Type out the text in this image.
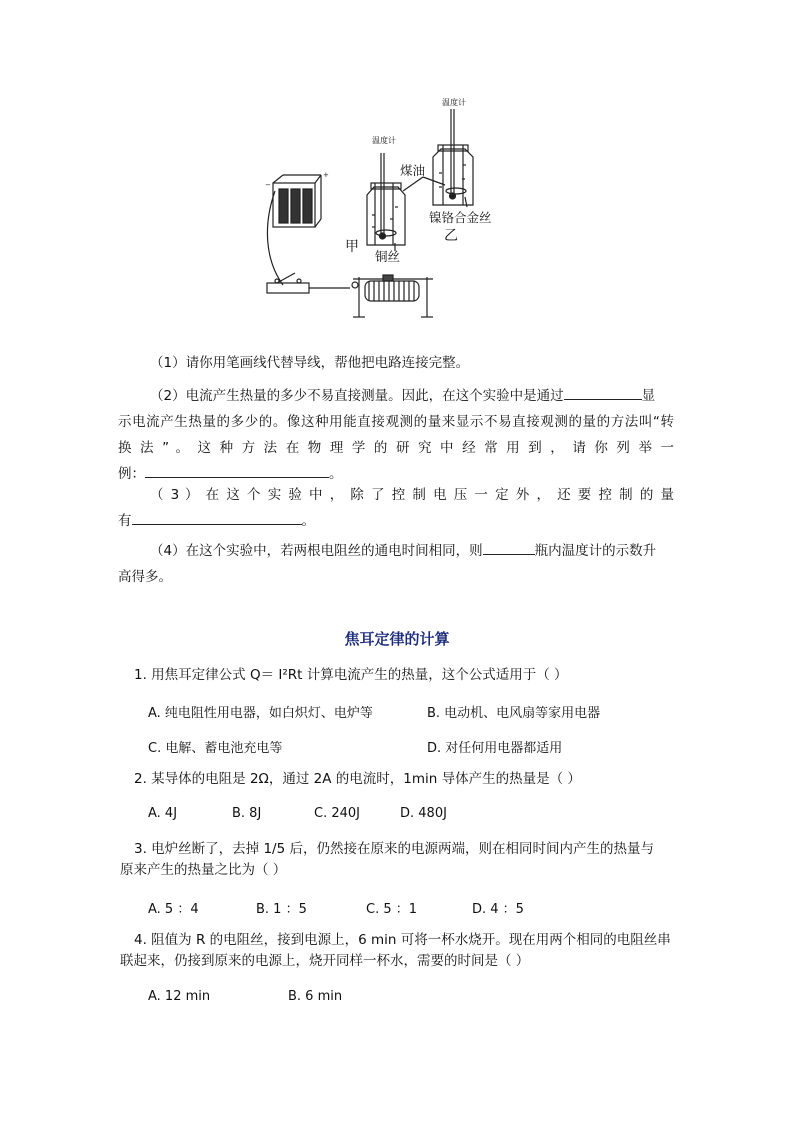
+
−
温度计
温度计
煤油
镍铬合金丝
铜丝
甲
乙
（1）请你用笔画线代替导线，帮他把电路连接完整。
（2）电流产生热量的多少不易直接测量。因此，在这个实验中是通过	显
示电流产生热量的多少的。像这种用能直接观测的量来显示不易直接观测的量的方法叫“转
换 法 ” 。 这 种 方 法 在 物 理 学 的 研 究 中 经 常 用 到 ， 请 你 列 举 一
例：	。
（ 3 ） 在 这 个 实 验 中 ， 除 了 控 制 电 压 一 定 外 ， 还 要 控 制 的 量
有	。
（4）在这个实验中，若两根电阻丝的通电时间相同，则	瓶内温度计的示数升
高得多。
焦耳定律的计算
1. 用焦耳定律公式 Q＝ I²Rt 计算电流产生的热量，这个公式适用于（ ）
A. 纯电阻性用电器，如白炽灯、电炉等	B. 电动机、电风扇等家用电器
C. 电解、蓄电池充电等	D. 对任何用电器都适用
2. 某导体的电阻是 2Ω，通过 2A 的电流时，1min 导体产生的热量是（ ）
A. 4J	B. 8J	C. 240J	D. 480J
3. 电炉丝断了，去掉 1/5 后，仍然接在原来的电源两端，则在相同时间内产生的热量与
原来产生的热量之比为（ ）
A. 5 ：4	B. 1 ：5	C. 5 ：1	D. 4 ：5
4. 阻值为 R 的电阻丝，接到电源上，6 min 可将一杯水烧开。现在用两个相同的电阻丝串
联起来，仍接到原来的电源上，烧开同样一杯水，需要的时间是（ ）
A. 12 min	B. 6 min
